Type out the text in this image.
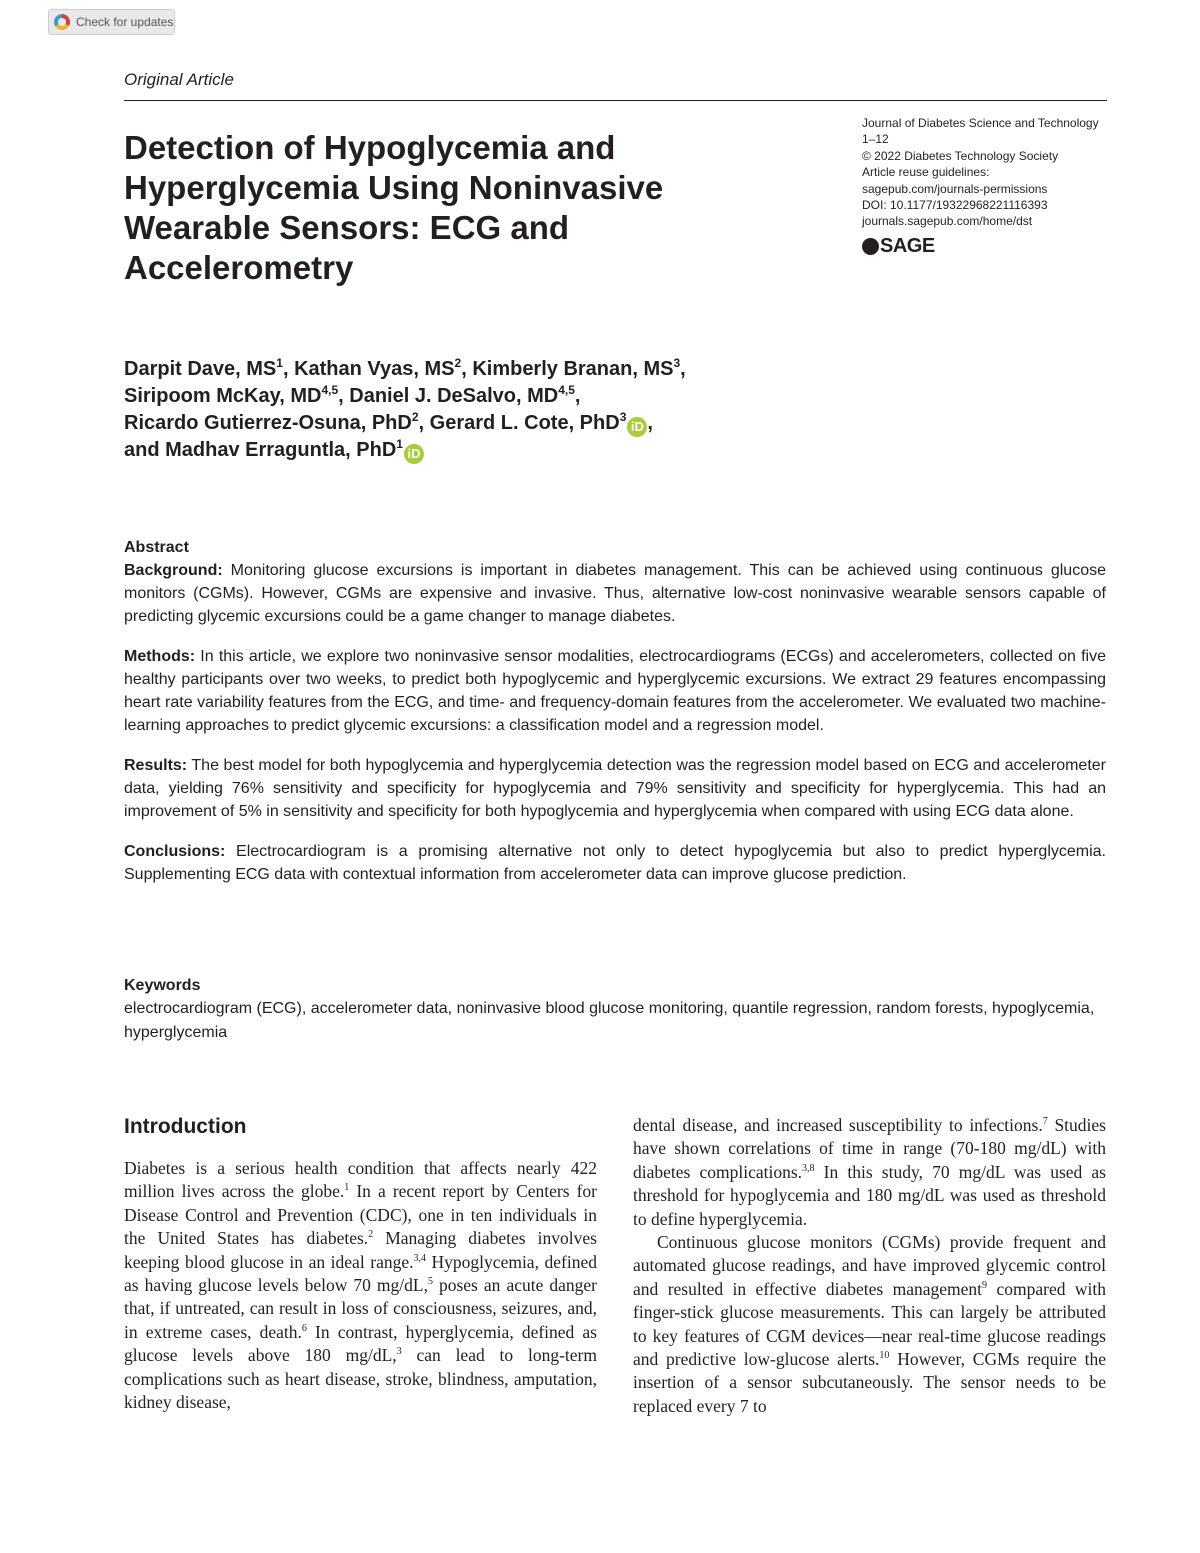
Check for updates
Original Article
Detection of Hypoglycemia and
Hyperglycemia Using Noninvasive
Wearable Sensors: ECG and
Accelerometry
Journal of Diabetes Science and Technology
1–12
© 2022 Diabetes Technology Society
Article reuse guidelines:
sagepub.com/journals-permissions
DOI: 10.1177/19322968221116393
journals.sagepub.com/home/dst
SAGE
Darpit Dave, $MS^1$, Kathan Vyas, $MS^2$, Kimberly Branan, $MS^3$,
Siripoom McKay, MD$^{4,5}$, Daniel J. DeSalvo, MD$^{4,5}$,
Ricardo Gutierrez-Osuna, PhD$^2$, Gerard L. Cote, PhD$^3$iD ,
and Madhav Erraguntla, PhD$^1$iD
Abstract

Background: Monitoring glucose excursions is important in diabetes management. This can be achieved using continuous glucose monitors (CGMs). However, CGMs are expensive and invasive. Thus, alternative low-cost noninvasive wearable sensors capable of predicting glycemic excursions could be a game changer to manage diabetes.

Methods: In this article, we explore two noninvasive sensor modalities, electrocardiograms (ECGs) and accelerometers, collected on five healthy participants over two weeks, to predict both hypoglycemic and hyperglycemic excursions. We extract 29 features encompassing heart rate variability features from the ECG, and time- and frequency-domain features from the accelerometer. We evaluated two machine-learning approaches to predict glycemic excursions: a classification model and a regression model.

Results: The best model for both hypoglycemia and hyperglycemia detection was the regression model based on ECG and accelerometer data, yielding 76% sensitivity and specificity for hypoglycemia and 79% sensitivity and specificity for hyperglycemia. This had an improvement of 5% in sensitivity and specificity for both hypoglycemia and hyperglycemia when compared with using ECG data alone.

Conclusions: Electrocardiogram is a promising alternative not only to detect hypoglycemia but also to predict hyperglycemia. Supplementing ECG data with contextual information from accelerometer data can improve glucose prediction.

Keywords
electrocardiogram (ECG), accelerometer data, noninvasive blood glucose monitoring, quantile regression, random forests, hypoglycemia, hyperglycemia
Introduction

Diabetes is a serious health condition that affects nearly 422 million lives across the globe.$^1$ In a recent report by Centers for Disease Control and Prevention (CDC), one in ten individuals in the United States has diabetes.$^2$ Managing diabetes involves keeping blood glucose in an ideal range.$^{3,4}$ Hypoglycemia, defined as having glucose levels below 70 mg/dL,$^5$ poses an acute danger that, if untreated, can result in loss of consciousness, seizures, and, in extreme cases, death.$^6$ In contrast, hyperglycemia, defined as glucose levels above 180 mg/dL,$^3$ can lead to long-term complications such as heart disease, stroke, blindness, amputation, kidney disease,

dental disease, and increased susceptibility to infections.$^7$ Studies have shown correlations of time in range (70-180 mg/dL) with diabetes complications.$^{3,8}$ In this study, 70 mg/dL was used as threshold for hypoglycemia and 180 mg/dL was used as threshold to define hyperglycemia.

Continuous glucose monitors (CGMs) provide frequent and automated glucose readings, and have improved glycemic control and resulted in effective diabetes management$^9$ compared with finger-stick glucose measurements. This can largely be attributed to key features of CGM devices—near real-time glucose readings and predictive low-glucose alerts.$^{10}$ However, CGMs require the insertion of a sensor subcutaneously. The sensor needs to be replaced every 7 to
